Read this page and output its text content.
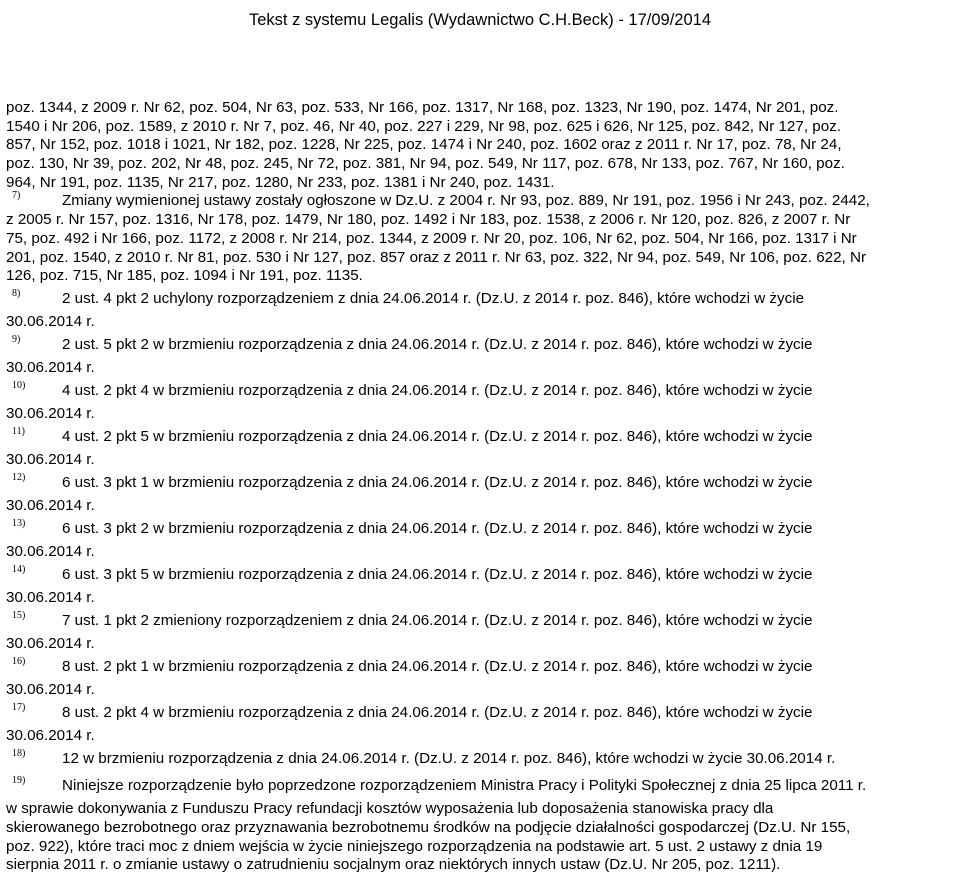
Tekst z systemu Legalis (Wydawnictwo C.H.Beck) - 17/09/2014
poz. 1344, z 2009 r. Nr 62, poz. 504, Nr 63, poz. 533, Nr 166, poz. 1317, Nr 168, poz. 1323, Nr 190, poz. 1474, Nr 201, poz.
1540 i Nr 206, poz. 1589, z 2010 r. Nr 7, poz. 46, Nr 40, poz. 227 i 229, Nr 98, poz. 625 i 626, Nr 125, poz. 842, Nr 127, poz.
857, Nr 152, poz. 1018 i 1021, Nr 182, poz. 1228, Nr 225, poz. 1474 i Nr 240, poz. 1602 oraz z 2011 r. Nr 17, poz. 78, Nr 24,
poz. 130, Nr 39, poz. 202, Nr 48, poz. 245, Nr 72, poz. 381, Nr 94, poz. 549, Nr 117, poz. 678, Nr 133, poz. 767, Nr 160, poz.
964, Nr 191, poz. 1135, Nr 217, poz. 1280, Nr 233, poz. 1381 i Nr 240, poz. 1431.
7)	Zmiany wymienionej ustawy zostały ogłoszone w Dz.U. z 2004 r. Nr 93, poz. 889, Nr 191, poz. 1956 i Nr 243, poz. 2442,
z 2005 r. Nr 157, poz. 1316, Nr 178, poz. 1479, Nr 180, poz. 1492 i Nr 183, poz. 1538, z 2006 r. Nr 120, poz. 826, z 2007 r. Nr
75, poz. 492 i Nr 166, poz. 1172, z 2008 r. Nr 214, poz. 1344, z 2009 r. Nr 20, poz. 106, Nr 62, poz. 504, Nr 166, poz. 1317 i Nr
201, poz. 1540, z 2010 r. Nr 81, poz. 530 i Nr 127, poz. 857 oraz z 2011 r. Nr 63, poz. 322, Nr 94, poz. 549, Nr 106, poz. 622, Nr
126, poz. 715, Nr 185, poz. 1094 i Nr 191, poz. 1135.
8)	2 ust. 4 pkt 2 uchylony rozporządzeniem z dnia 24.06.2014 r. (Dz.U. z 2014 r. poz. 846), które wchodzi w życie
30.06.2014 r.
9)	2 ust. 5 pkt 2 w brzmieniu rozporządzenia z dnia 24.06.2014 r. (Dz.U. z 2014 r. poz. 846), które wchodzi w życie
30.06.2014 r.
10) 4 ust. 2 pkt 4 w brzmieniu rozporządzenia z dnia 24.06.2014 r. (Dz.U. z 2014 r. poz. 846), które wchodzi w życie
30.06.2014 r.
11) 4 ust. 2 pkt 5 w brzmieniu rozporządzenia z dnia 24.06.2014 r. (Dz.U. z 2014 r. poz. 846), które wchodzi w życie
30.06.2014 r.
12) 6 ust. 3 pkt 1 w brzmieniu rozporządzenia z dnia 24.06.2014 r. (Dz.U. z 2014 r. poz. 846), które wchodzi w życie
30.06.2014 r.
13) 6 ust. 3 pkt 2 w brzmieniu rozporządzenia z dnia 24.06.2014 r. (Dz.U. z 2014 r. poz. 846), które wchodzi w życie
30.06.2014 r.
14) 6 ust. 3 pkt 5 w brzmieniu rozporządzenia z dnia 24.06.2014 r. (Dz.U. z 2014 r. poz. 846), które wchodzi w życie
30.06.2014 r.
15) 7 ust. 1 pkt 2 zmieniony rozporządzeniem z dnia 24.06.2014 r. (Dz.U. z 2014 r. poz. 846), które wchodzi w życie
30.06.2014 r.
16) 8 ust. 2 pkt 1 w brzmieniu rozporządzenia z dnia 24.06.2014 r. (Dz.U. z 2014 r. poz. 846), które wchodzi w życie
30.06.2014 r.
17) 8 ust. 2 pkt 4 w brzmieniu rozporządzenia z dnia 24.06.2014 r. (Dz.U. z 2014 r. poz. 846), które wchodzi w życie
30.06.2014 r.
18) 12 w brzmieniu rozporządzenia z dnia 24.06.2014 r. (Dz.U. z 2014 r. poz. 846), które wchodzi w życie 30.06.2014 r.
19) Niniejsze rozporządzenie było poprzedzone rozporządzeniem Ministra Pracy i Polityki Społecznej z dnia 25 lipca 2011 r.
w sprawie dokonywania z Funduszu Pracy refundacji kosztów wyposażenia lub doposażenia stanowiska pracy dla
skierowanego bezrobotnego oraz przyznawania bezrobotnemu środków na podjęcie działalności gospodarczej (Dz.U. Nr 155,
poz. 922), które traci moc z dniem wejścia w życie niniejszego rozporządzenia na podstawie art. 5 ust. 2 ustawy z dnia 19
sierpnia 2011 r. o zmianie ustawy o zatrudnieniu socjalnym oraz niektórych innych ustaw (Dz.U. Nr 205, poz. 1211).
